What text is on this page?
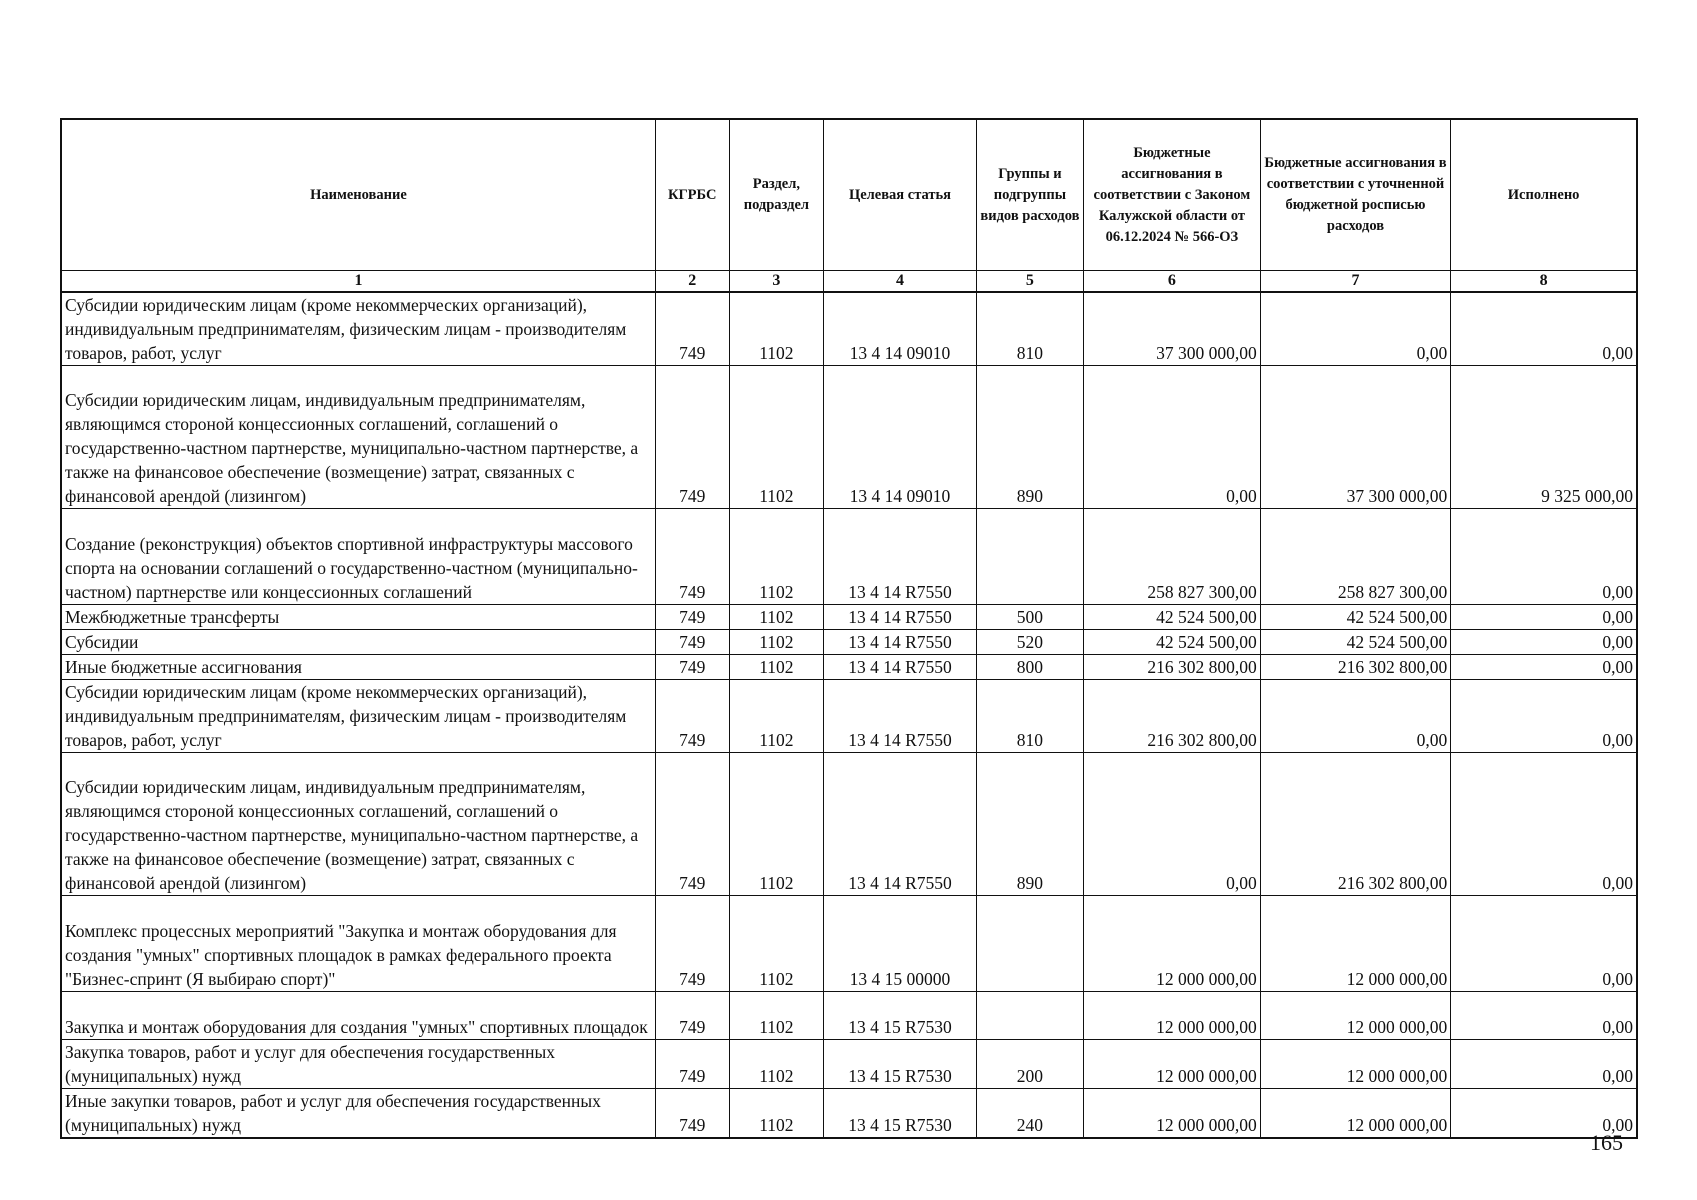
Наименование	КГРБС	Раздел, подраздел	Целевая статья	Группы и подгруппы видов расходов	Бюджетные ассигнования в соответствии с Законом Калужской области от 06.12.2024 № 566-ОЗ	Бюджетные ассигнования в соответствии с уточненной бюджетной росписью расходов	Исполнено
1	2	3	4	5	6	7	8
Субсидии юридическим лицам (кроме некоммерческих организаций), индивидуальным предпринимателям, физическим лицам - производителям товаров, работ, услуг	749	1102	13 4 14 09010	810	37 300 000,00	0,00	0,00
Субсидии юридическим лицам, индивидуальным предпринимателям, являющимся стороной концессионных соглашений, соглашений о государственно-частном партнерстве, муниципально-частном партнерстве, а также на финансовое обеспечение (возмещение) затрат, связанных с финансовой арендой (лизингом)	749	1102	13 4 14 09010	890	0,00	37 300 000,00	9 325 000,00
Создание (реконструкция) объектов спортивной инфраструктуры массового спорта на основании соглашений о государственно-частном (муниципально-частном) партнерстве или концессионных соглашений	749	1102	13 4 14 R7550		258 827 300,00	258 827 300,00	0,00
Межбюджетные трансферты	749	1102	13 4 14 R7550	500	42 524 500,00	42 524 500,00	0,00
Субсидии	749	1102	13 4 14 R7550	520	42 524 500,00	42 524 500,00	0,00
Иные бюджетные ассигнования	749	1102	13 4 14 R7550	800	216 302 800,00	216 302 800,00	0,00
Субсидии юридическим лицам (кроме некоммерческих организаций), индивидуальным предпринимателям, физическим лицам - производителям товаров, работ, услуг	749	1102	13 4 14 R7550	810	216 302 800,00	0,00	0,00
Субсидии юридическим лицам, индивидуальным предпринимателям, являющимся стороной концессионных соглашений, соглашений о государственно-частном партнерстве, муниципально-частном партнерстве, а также на финансовое обеспечение (возмещение) затрат, связанных с финансовой арендой (лизингом)	749	1102	13 4 14 R7550	890	0,00	216 302 800,00	0,00
Комплекс процессных мероприятий "Закупка и монтаж оборудования для создания "умных" спортивных площадок в рамках федерального проекта "Бизнес-спринт (Я выбираю спорт)"	749	1102	13 4 15 00000		12 000 000,00	12 000 000,00	0,00
Закупка и монтаж оборудования для создания "умных" спортивных площадок	749	1102	13 4 15 R7530		12 000 000,00	12 000 000,00	0,00
Закупка товаров, работ и услуг для обеспечения государственных (муниципальных) нужд	749	1102	13 4 15 R7530	200	12 000 000,00	12 000 000,00	0,00
Иные закупки товаров, работ и услуг для обеспечения государственных (муниципальных) нужд	749	1102	13 4 15 R7530	240	12 000 000,00	12 000 000,00	0,00
165
